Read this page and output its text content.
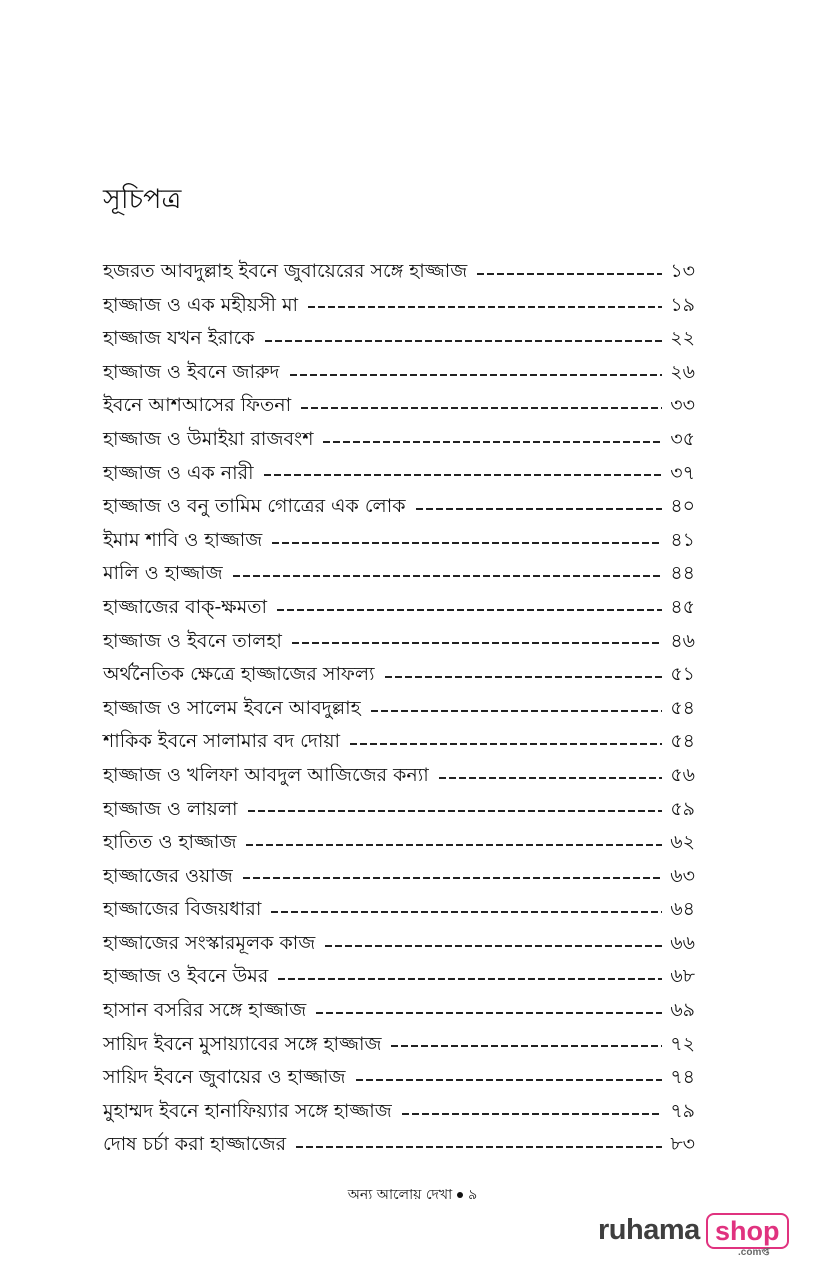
সূচিপত্র
হজরত আবদুল্লাহ ইবনে জুবায়েরের সঙ্গে হাজ্জাজ	১৩
হাজ্জাজ ও এক মহীয়সী মা	১৯
হাজ্জাজ যখন ইরাকে	২২
হাজ্জাজ ও ইবনে জারুদ	২৬
ইবনে আশআসের ফিতনা	৩৩
হাজ্জাজ ও উমাইয়া রাজবংশ	৩৫
হাজ্জাজ ও এক নারী	৩৭
হাজ্জাজ ও বনু তামিম গোত্রের এক লোক	৪০
ইমাম শাবি ও হাজ্জাজ	৪১
মালি ও হাজ্জাজ	৪৪
হাজ্জাজের বাক্-ক্ষমতা	৪৫
হাজ্জাজ ও ইবনে তালহা	৪৬
অর্থনৈতিক ক্ষেত্রে হাজ্জাজের সাফল্য	৫১
হাজ্জাজ ও সালেম ইবনে আবদুল্লাহ	৫৪
শাকিক ইবনে সালামার বদ দোয়া	৫৪
হাজ্জাজ ও খলিফা আবদুল আজিজের কন্যা	৫৬
হাজ্জাজ ও লায়লা	৫৯
হাতিত ও হাজ্জাজ	৬২
হাজ্জাজের ওয়াজ	৬৩
হাজ্জাজের বিজয়ধারা	৬৪
হাজ্জাজের সংস্কারমূলক কাজ	৬৬
হাজ্জাজ ও ইবনে উমর	৬৮
হাসান বসরির সঙ্গে হাজ্জাজ	৬৯
সায়িদ ইবনে মুসায়্যাবের সঙ্গে হাজ্জাজ	৭২
সায়িদ ইবনে জুবায়ের ও হাজ্জাজ	৭৪
মুহাম্মদ ইবনে হানাফিয়্যার সঙ্গে হাজ্জাজ	৭৯
দোষ চর্চা করা হাজ্জাজের	৮৩
অন্য আলোয় দেখা ৯
ruhama shop
.comপ্ত
